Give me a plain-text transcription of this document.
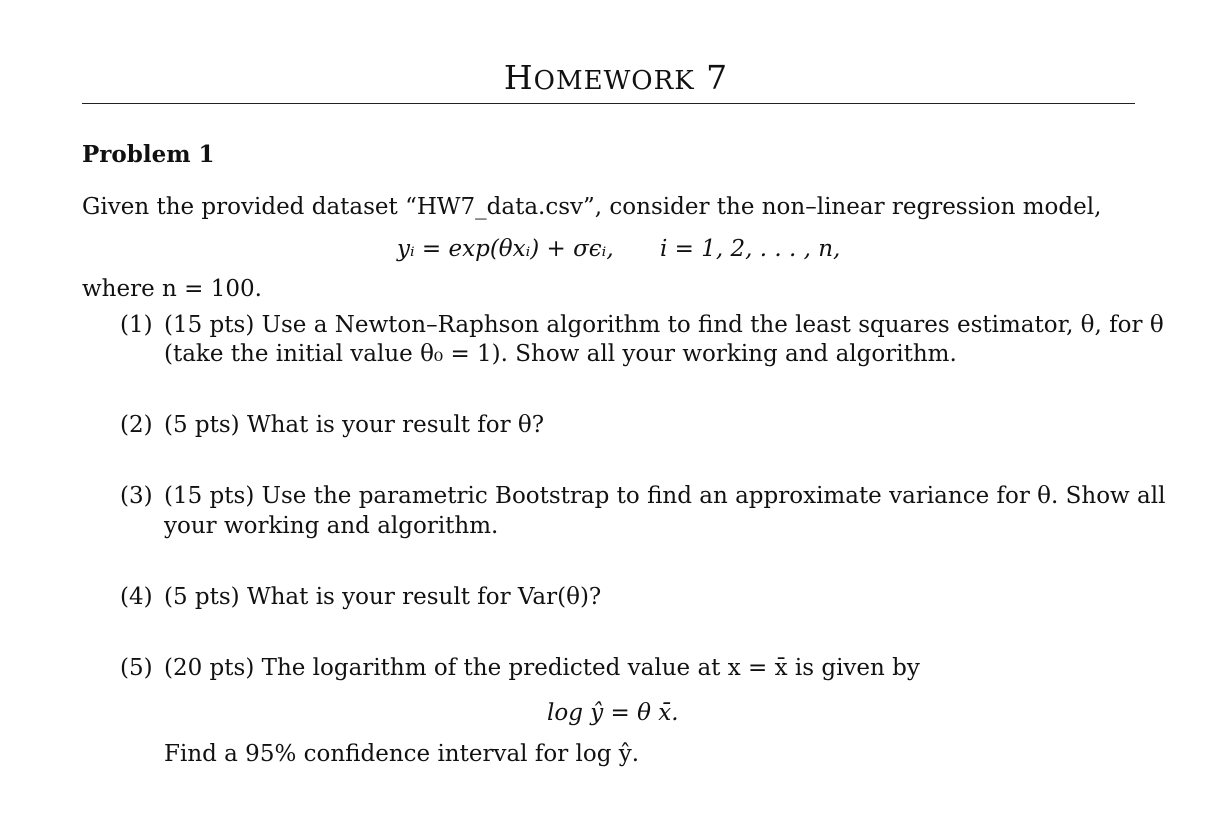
HOMEWORK 7
Problem 1
Given the provided dataset “HW7_data.csv”, consider the non–linear regression model,
yᵢ = exp(θxᵢ) + σϵᵢ, i = 1, 2, . . . , n,
where n = 100.
(1) (15 pts) Use a Newton–Raphson algorithm to find the least squares estimator, θ, for θ
(take the initial value θ₀ = 1). Show all your working and algorithm.
(2) (5 pts) What is your result for θ?
(3) (15 pts) Use the parametric Bootstrap to find an approximate variance for θ. Show all
your working and algorithm.
(4) (5 pts) What is your result for Var(θ)?
(5) (20 pts) The logarithm of the predicted value at x = x̄ is given by
log ŷ = θ x̄.
Find a 95% confidence interval for log ŷ.
